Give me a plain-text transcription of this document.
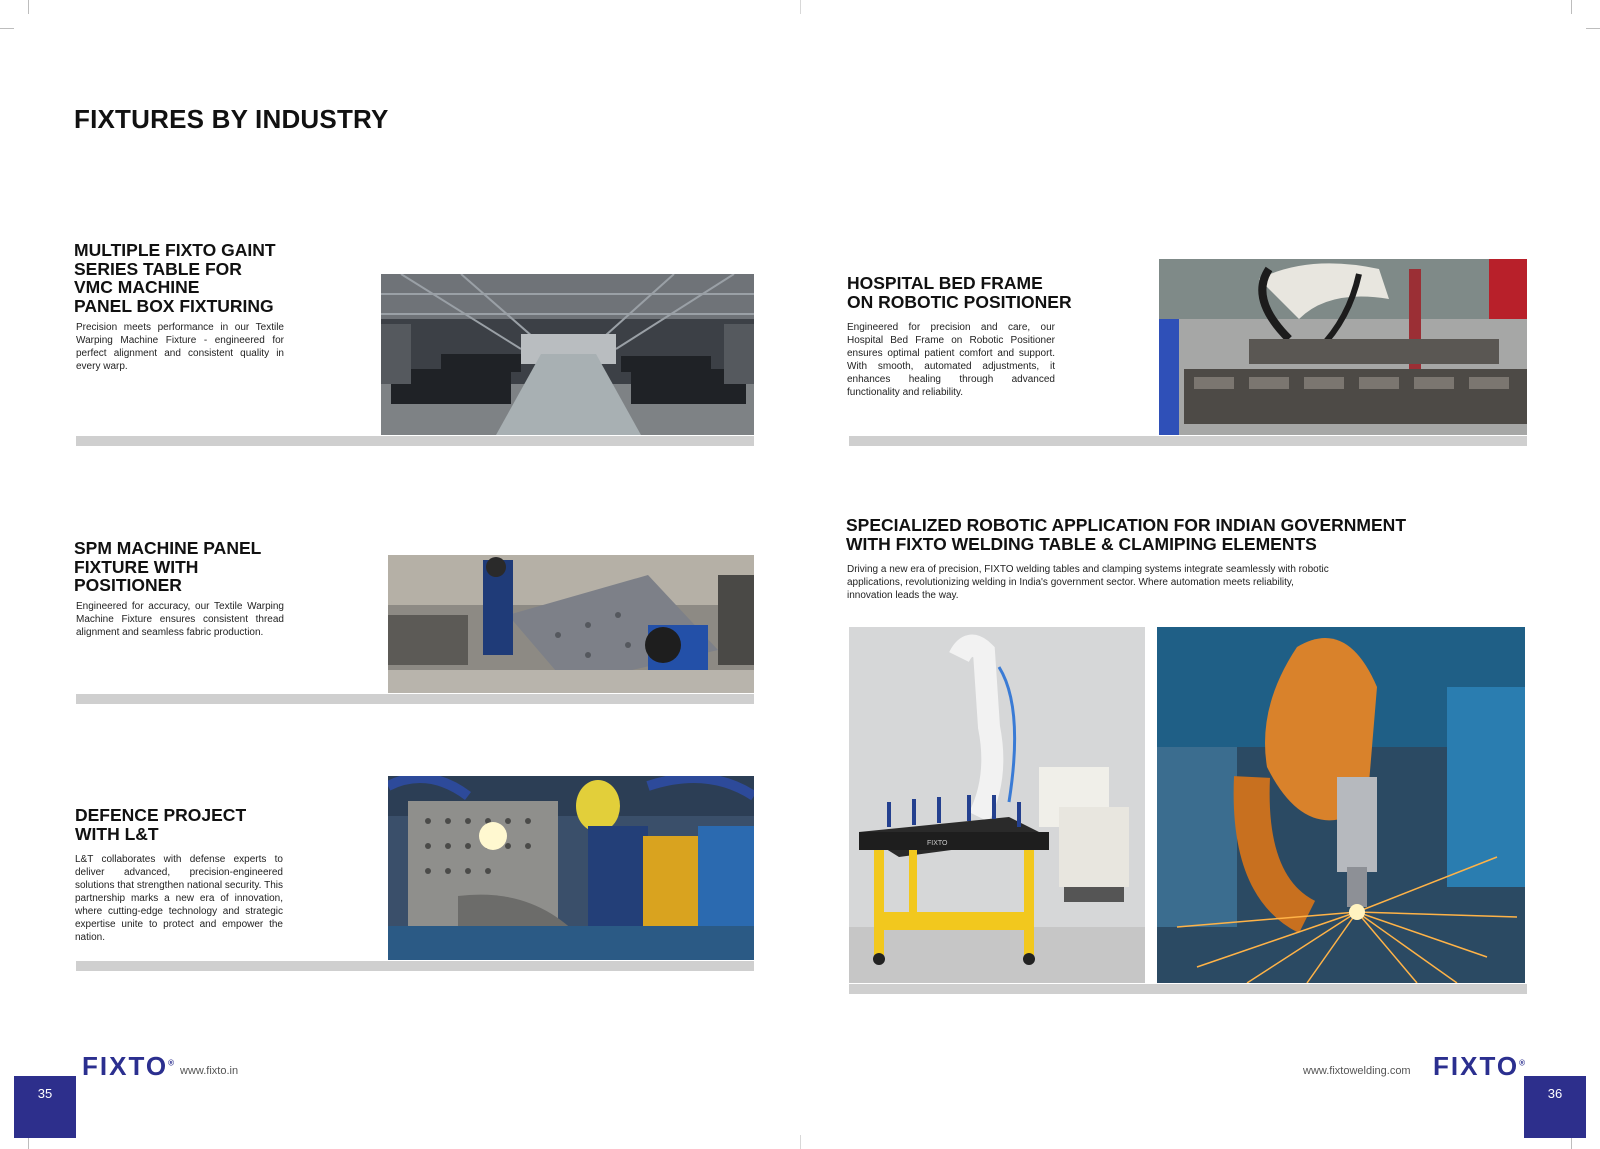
FIXTURES BY INDUSTRY
MULTIPLE FIXTO GAINT
SERIES TABLE FOR
VMC MACHINE
PANEL BOX FIXTURING

Precision meets performance in our Textile Warping Machine Fixture - engineered for perfect alignment and consistent quality in every warp.

SPM MACHINE PANEL
FIXTURE WITH
POSITIONER

Engineered for accuracy, our Textile Warping Machine Fixture ensures consistent thread alignment and seamless fabric production.

DEFENCE PROJECT
WITH L&T

L&T collaborates with defense experts to deliver advanced, precision-engineered solutions that strengthen national security. This partnership marks a new era of innovation, where cutting-edge technology and strategic expertise unite to protect and empower the nation.

HOSPITAL BED FRAME
ON ROBOTIC POSITIONER

Engineered for precision and care, our Hospital Bed Frame on Robotic Positioner ensures optimal patient comfort and support. With smooth, automated adjustments, it enhances healing through advanced functionality and reliability.

SPECIALIZED ROBOTIC APPLICATION FOR INDIAN GOVERNMENT
WITH FIXTO WELDING TABLE & CLAMIPING ELEMENTS

Driving a new era of precision, FIXTO welding tables and clamping systems integrate seamlessly with robotic applications, revolutionizing welding in India's government sector. Where automation meets reliability, innovation leads the way.

FIXTO
35
FIXTO®
www.fixto.in	www.fixtowelding.com FIXTO®
36
